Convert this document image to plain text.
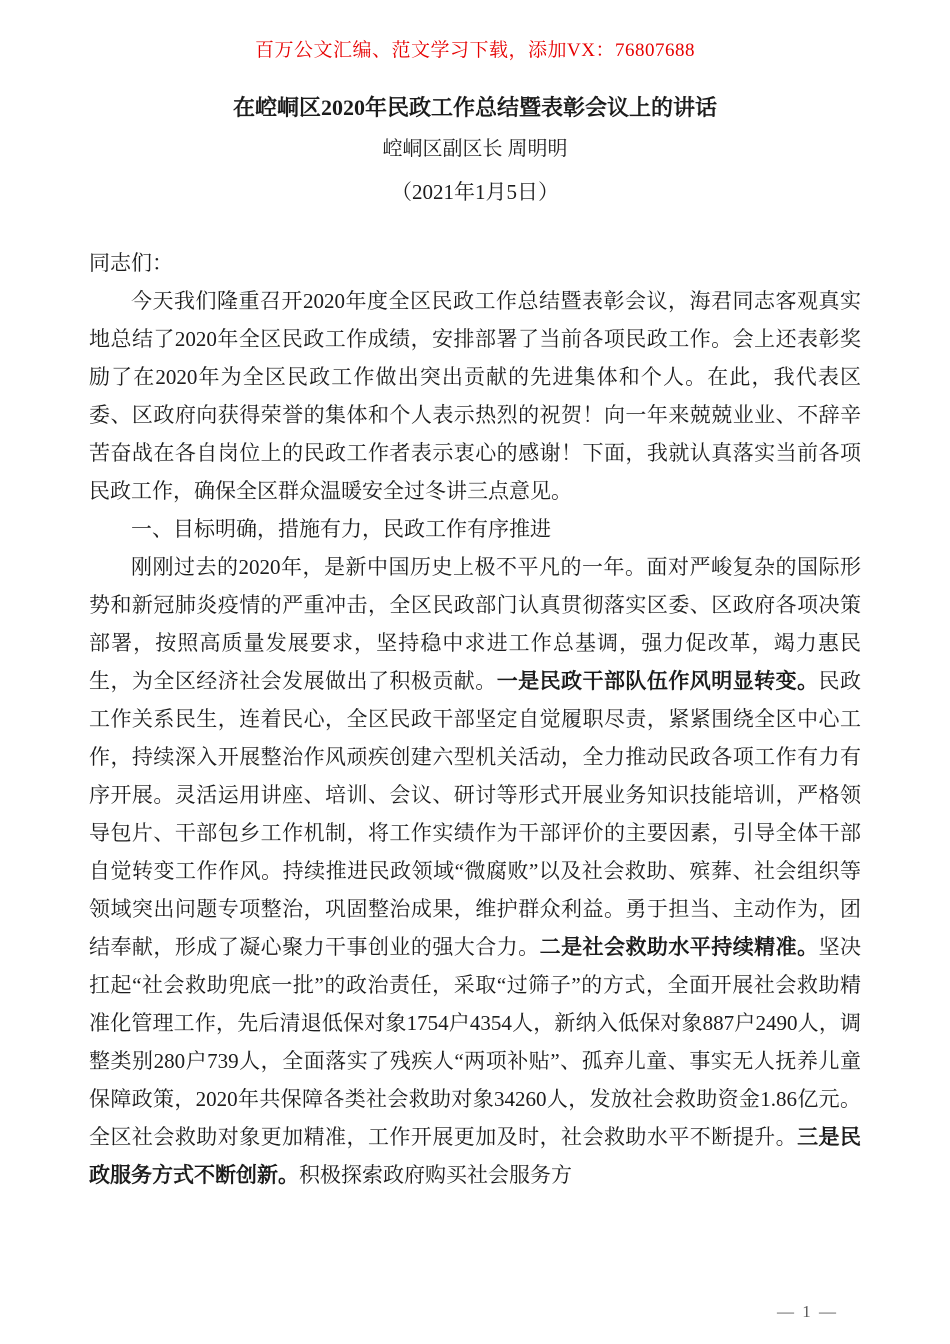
百万公文汇编、范文学习下载，添加VX：76807688
在崆峒区2020年民政工作总结暨表彰会议上的讲话
崆峒区副区长 周明明
（2021年1月5日）

同志们：

今天我们隆重召开2020年度全区民政工作总结暨表彰会议，海君同志客观真实地总结了2020年全区民政工作成绩，安排部署了当前各项民政工作。会上还表彰奖励了在2020年为全区民政工作做出突出贡献的先进集体和个人。在此，我代表区委、区政府向获得荣誉的集体和个人表示热烈的祝贺！向一年来兢兢业业、不辞辛苦奋战在各自岗位上的民政工作者表示衷心的感谢！下面，我就认真落实当前各项民政工作，确保全区群众温暖安全过冬讲三点意见。

一、目标明确，措施有力，民政工作有序推进

刚刚过去的2020年，是新中国历史上极不平凡的一年。面对严峻复杂的国际形势和新冠肺炎疫情的严重冲击，全区民政部门认真贯彻落实区委、区政府各项决策部署，按照高质量发展要求，坚持稳中求进工作总基调，强力促改革，竭力惠民生，为全区经济社会发展做出了积极贡献。一是民政干部队伍作风明显转变。民政工作关系民生，连着民心，全区民政干部坚定自觉履职尽责，紧紧围绕全区中心工作，持续深入开展整治作风顽疾创建六型机关活动，全力推动民政各项工作有力有序开展。灵活运用讲座、培训、会议、研讨等形式开展业务知识技能培训，严格领导包片、干部包乡工作机制，将工作实绩作为干部评价的主要因素，引导全体干部自觉转变工作作风。持续推进民政领域“微腐败”以及社会救助、殡葬、社会组织等领域突出问题专项整治，巩固整治成果，维护群众利益。勇于担当、主动作为，团结奉献，形成了凝心聚力干事创业的强大合力。二是社会救助水平持续精准。坚决扛起“社会救助兜底一批”的政治责任，采取“过筛子”的方式，全面开展社会救助精准化管理工作，先后清退低保对象1754户4354人，新纳入低保对象887户2490人，调整类别280户739人，全面落实了残疾人“两项补贴”、孤弃儿童、事实无人抚养儿童保障政策，2020年共保障各类社会救助对象34260人，发放社会救助资金1.86亿元。全区社会救助对象更加精准，工作开展更加及时，社会救助水平不断提升。三是民政服务方式不断创新。积极探索政府购买社会服务方

— 1 —
